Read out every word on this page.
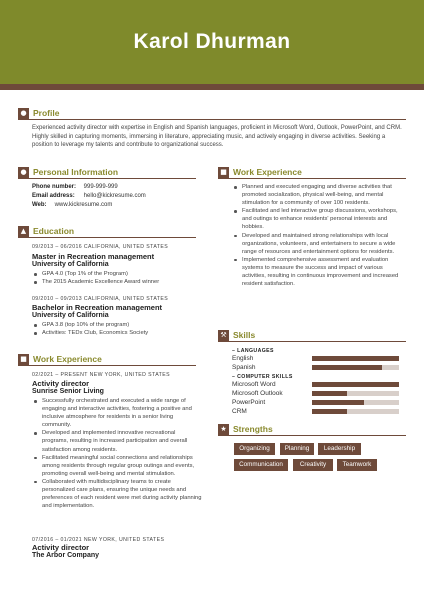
Karol Dhurman
● Profile
Experienced activity director with expertise in English and Spanish languages, proficient in Microsoft Word, Outlook, PowerPoint, and CRM. Highly skilled in capturing moments, immersing in literature, appreciating music, and actively engaging in diverse activities. Seeking a position to leverage my talents and contribute to organizational success.
● Personal Information
Phone number: 999-999-999
Email address: hello@kickresume.com
Web: www.kickresume.com
▲ Education
09/2013 – 06/2016 CALIFORNIA, UNITED STATES
Master in Recreation management
University of California
GPA 4.0 (Top 1% of the Program)
The 2015 Academic Excellence Award winner
09/2010 – 09/2013 CALIFORNIA, UNITED STATES
Bachelor in Recreation management
University of California
GPA 3.8 (top 10% of the program)
Activities: TEDx Club, Economics Society
■ Work Experience
02/2021 – PRESENT NEW YORK, UNITED STATES
Activity director
Sunrise Senior Living
Successfully orchestrated and executed a wide range of engaging and interactive activities, fostering a positive and inclusive atmosphere for residents in a senior living community.
Developed and implemented innovative recreational programs, resulting in increased participation and overall satisfaction among residents.
Facilitated meaningful social connections and relationships among residents through regular group outings and events, promoting overall well-being and mental stimulation.
Collaborated with multidisciplinary teams to create personalized care plans, ensuring the unique needs and preferences of each resident were met during activity planning and implementation.
07/2016 – 01/2021 NEW YORK, UNITED STATES
Activity director
The Arbor Company
■ Work Experience
Planned and executed engaging and diverse activities that promoted socialization, physical well-being, and mental stimulation for a community of over 100 residents.
Facilitated and led interactive group discussions, workshops, and outings to enhance residents' personal interests and hobbies.
Developed and maintained strong relationships with local organizations, volunteers, and entertainers to secure a wide range of resources and entertainment options for residents.
Implemented comprehensive assessment and evaluation systems to measure the success and impact of various activities, resulting in continuous improvement and increased resident satisfaction.
⚒ Skills
– LANGUAGES
English
Spanish
– COMPUTER SKILLS
Microsoft Word
Microsoft Outlook
PowerPoint
CRM
★ Strengths
Organizing	Planning	Leadership
Communication	Creativity	Teamwork
